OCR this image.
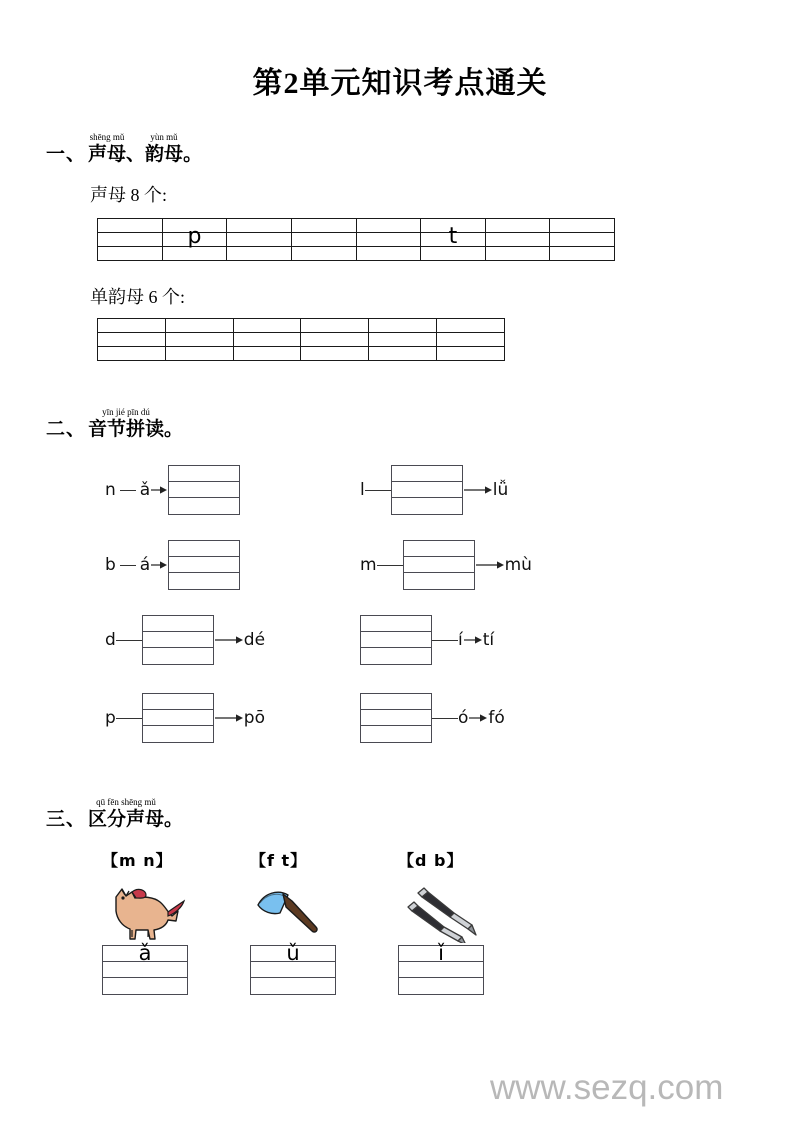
第2单元知识考点通关
一、
shēng mǔ
声母 、
yùn mǔ
韵母 。
声母 8 个:

	p				t		

单韵母 6 个:

二、
yīn jié pīn dú
音节拼读 。
n ǎ	l	lǚ
b á	m	mù
d	dé	í tí
p	pō	ó fó
三、
qū fēn shēng mǔ
区分声母 。
【m n】
ǎ
【f t】
ǔ
【d b】
ǐ
www.sezq.com
